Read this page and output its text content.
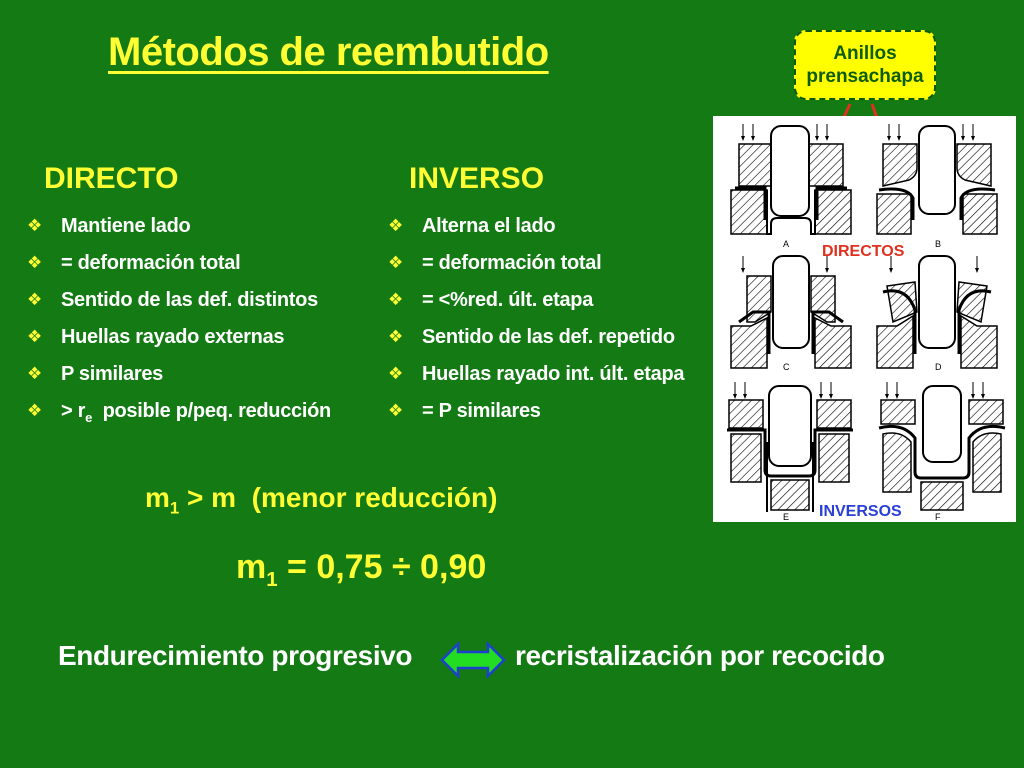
Métodos de reembutido	Anillos
prensachapa
DIRECTO	INVERSO
❖ Mantiene lado
❖ = deformación total
❖ Sentido de las def. distintos
❖ Huellas rayado externas
❖ P similares
❖ > $r_e$  posible p/peq. reducción
❖ Alterna el lado
❖ = deformación total
❖ = <%red. últ. etapa
❖ Sentido de las def. repetido
❖ Huellas rayado int. últ. etapa
❖ = P similares
A	B
C	D
E	F
DIRECTOS
INVERSOS
$m_1 > m$  (menor reducción)
$m_1 = 0,75 \div 0,90$
Endurecimiento progresivo	recristalización por recocido
